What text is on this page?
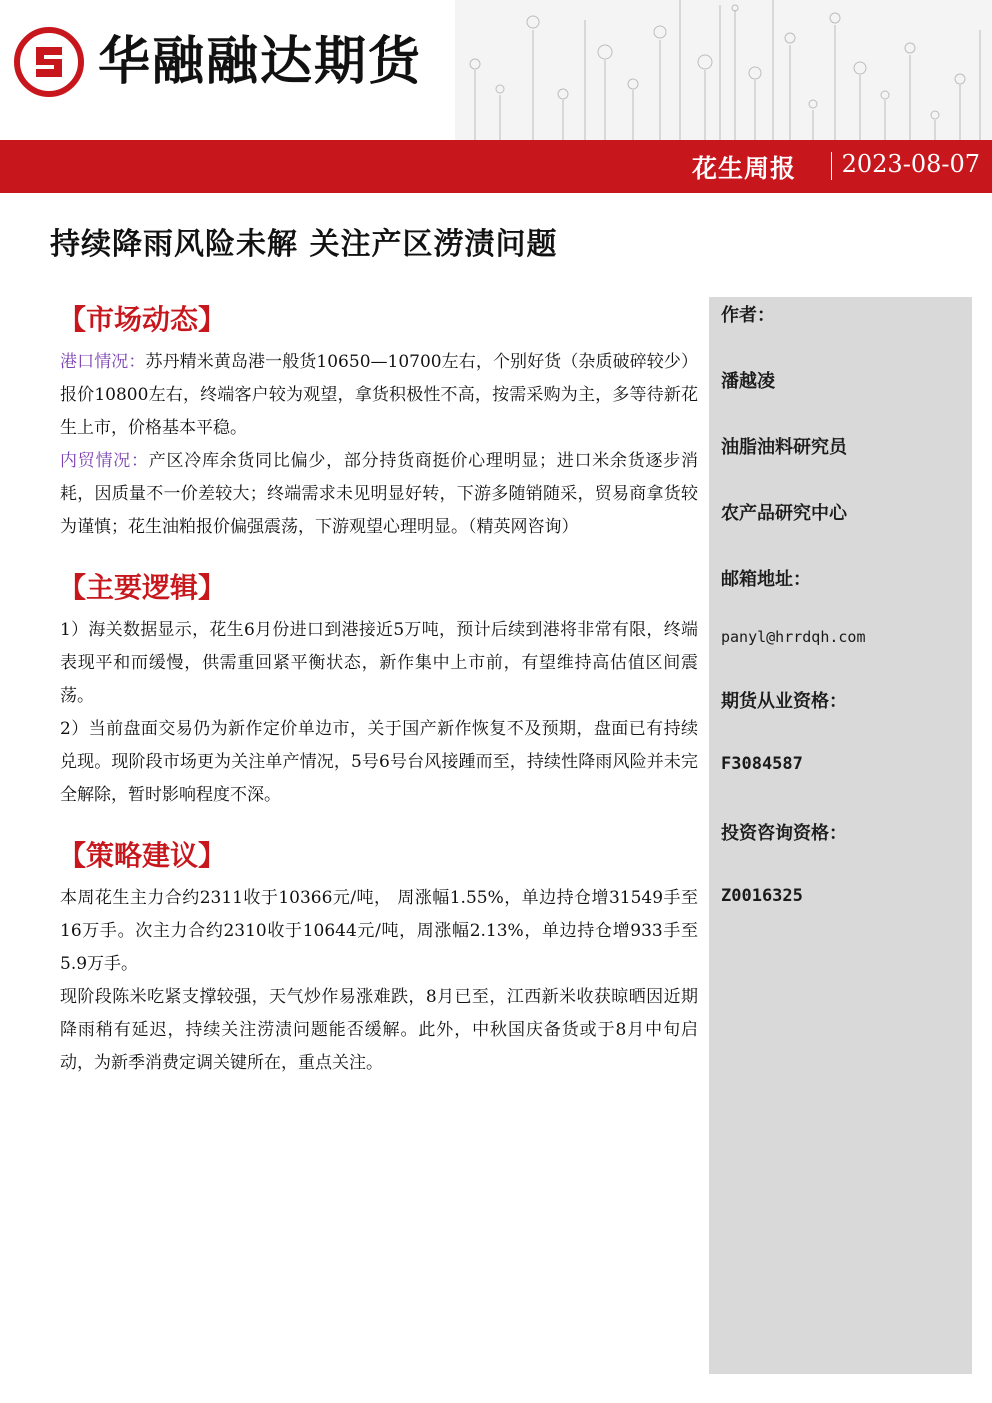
华融融达期货
花生周报 2023-08-07
持续降雨风险未解 关注产区涝渍问题
【市场动态】

港口情况：苏丹精米黄岛港一般货10650—10700左右，个别好货（杂质破碎较少）报价10800左右，终端客户较为观望，拿货积极性不高，按需采购为主，多等待新花生上市，价格基本平稳。

内贸情况：产区冷库余货同比偏少，部分持货商挺价心理明显；进口米余货逐步消耗，因质量不一价差较大；终端需求未见明显好转，下游多随销随采，贸易商拿货较为谨慎；花生油粕报价偏强震荡，下游观望心理明显。（精英网咨询）

【主要逻辑】

1）海关数据显示，花生6月份进口到港接近5万吨，预计后续到港将非常有限，终端表现平和而缓慢，供需重回紧平衡状态，新作集中上市前，有望维持高估值区间震荡。

2）当前盘面交易仍为新作定价单边市，关于国产新作恢复不及预期，盘面已有持续兑现。现阶段市场更为关注单产情况，5号6号台风接踵而至，持续性降雨风险并未完全解除，暂时影响程度不深。

【策略建议】

本周花生主力合约2311收于10366元/吨， 周涨幅1.55%，单边持仓增31549手至16万手。次主力合约2310收于10644元/吨，周涨幅2.13%，单边持仓增933手至5.9万手。

现阶段陈米吃紧支撑较强，天气炒作易涨难跌，8月已至，江西新米收获晾晒因近期降雨稍有延迟，持续关注涝渍问题能否缓解。此外，中秋国庆备货或于8月中旬启动，为新季消费定调关键所在，重点关注。

作者：
潘越凌
油脂油料研究员
农产品研究中心
邮箱地址：
panyl@hrrdqh.com
期货从业资格：
F3084587
投资咨询资格：
Z0016325
